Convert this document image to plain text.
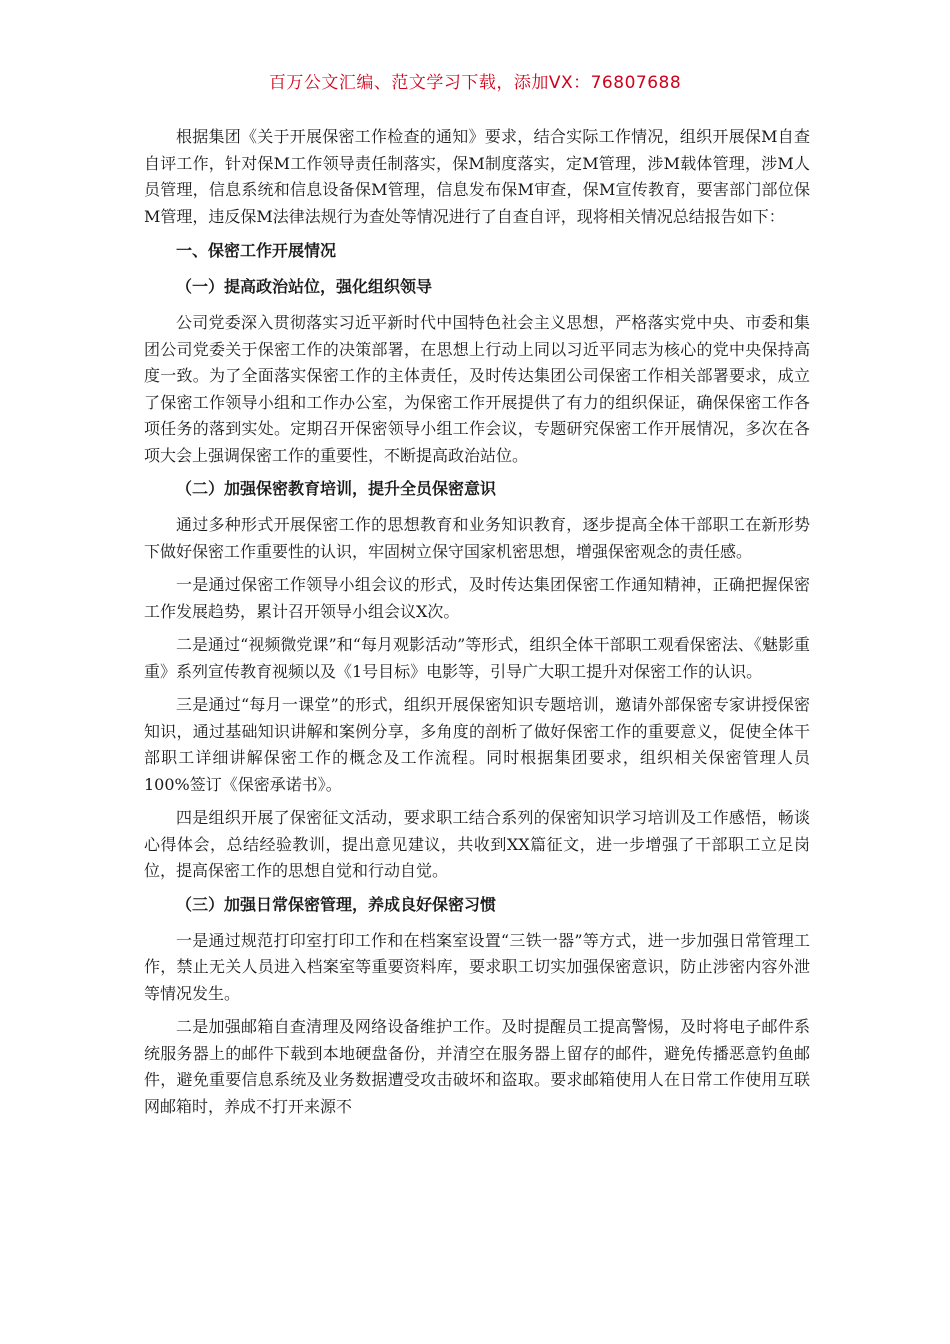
百万公文汇编、范文学习下载，添加VX：76807688

根据集团《关于开展保密工作检查的通知》要求，结合实际工作情况，组织开展保M自查自评工作，针对保M工作领导责任制落实，保M制度落实，定M管理，涉M载体管理，涉M人员管理，信息系统和信息设备保M管理，信息发布保M审查，保M宣传教育，要害部门部位保M管理，违反保M法律法规行为查处等情况进行了自查自评，现将相关情况总结报告如下：

一、保密工作开展情况
（一）提高政治站位，强化组织领导

公司党委深入贯彻落实习近平新时代中国特色社会主义思想，严格落实党中央、市委和集团公司党委关于保密工作的决策部署，在思想上行动上同以习近平同志为核心的党中央保持高度一致。为了全面落实保密工作的主体责任，及时传达集团公司保密工作相关部署要求，成立了保密工作领导小组和工作办公室，为保密工作开展提供了有力的组织保证，确保保密工作各项任务的落到实处。定期召开保密领导小组工作会议，专题研究保密工作开展情况，多次在各项大会上强调保密工作的重要性，不断提高政治站位。

（二）加强保密教育培训，提升全员保密意识

通过多种形式开展保密工作的思想教育和业务知识教育，逐步提高全体干部职工在新形势下做好保密工作重要性的认识，牢固树立保守国家机密思想，增强保密观念的责任感。

一是通过保密工作领导小组会议的形式，及时传达集团保密工作通知精神，正确把握保密工作发展趋势，累计召开领导小组会议X次。

二是通过“视频微党课”和“每月观影活动”等形式，组织全体干部职工观看保密法、《魅影重重》系列宣传教育视频以及《1号目标》电影等，引导广大职工提升对保密工作的认识。

三是通过“每月一课堂”的形式，组织开展保密知识专题培训，邀请外部保密专家讲授保密知识，通过基础知识讲解和案例分享，多角度的剖析了做好保密工作的重要意义，促使全体干部职工详细讲解保密工作的概念及工作流程。同时根据集团要求，组织相关保密管理人员100%签订《保密承诺书》。

四是组织开展了保密征文活动，要求职工结合系列的保密知识学习培训及工作感悟，畅谈心得体会，总结经验教训，提出意见建议，共收到XX篇征文，进一步增强了干部职工立足岗位，提高保密工作的思想自觉和行动自觉。

（三）加强日常保密管理，养成良好保密习惯

一是通过规范打印室打印工作和在档案室设置“三铁一器”等方式，进一步加强日常管理工作，禁止无关人员进入档案室等重要资料库，要求职工切实加强保密意识，防止涉密内容外泄等情况发生。

二是加强邮箱自查清理及网络设备维护工作。及时提醒员工提高警惕，及时将电子邮件系统服务器上的邮件下载到本地硬盘备份，并清空在服务器上留存的邮件，避免传播恶意钓鱼邮件，避免重要信息系统及业务数据遭受攻击破坏和盗取。要求邮箱使用人在日常工作使用互联网邮箱时，养成不打开来源不
